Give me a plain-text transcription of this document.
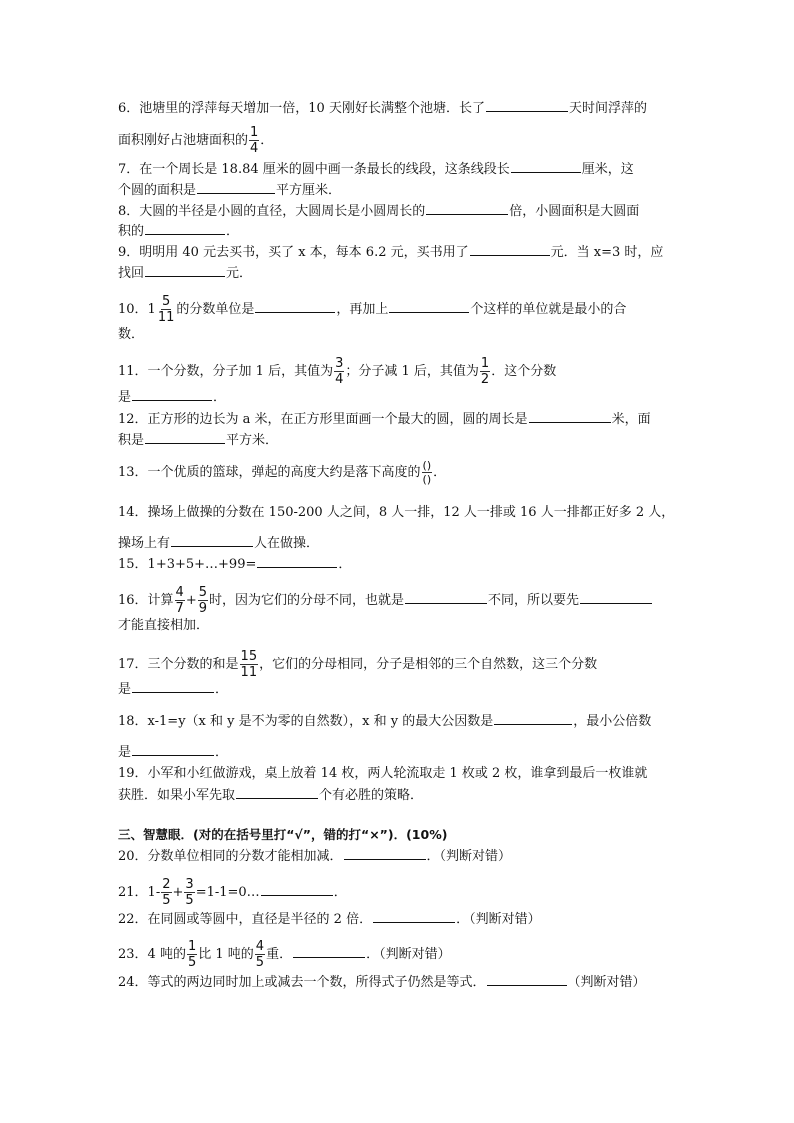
6．池塘里的浮萍每天增加一倍，10 天刚好长满整个池塘．长了	天时间浮萍的
面积刚好占池塘面积的 $\frac{1}{4}$ ．
7．在一个周长是 18.84 厘米的圆中画一条最长的线段，这条线段长	厘米，这
个圆的面积是	平方厘米．
8．大圆的半径是小圆的直径，大圆周长是小圆周长的	倍，小圆面积是大圆面
积的	．
9．明明用 40 元去买书，买了 x 本，每本 6.2 元，买书用了	元．当 x=3 时，应
找回	元．
10．$1 \frac{5}{11}$ 的分数单位是	，再加上	个这样的单位就是最小的合
数．
11．一个分数，分子加 1 后，其值为 $\frac{3}{4}$ ；分子减 1 后，其值为 $\frac{1}{2}$ ．这个分数
是	．
12．正方形的边长为 a 米，在正方形里面画一个最大的圆，圆的周长是	米，面
积是	平方米．
13．一个优质的篮球，弹起的高度大约是落下高度的 $\frac{()}{()}$ ．
14．操场上做操的分数在 150-200 人之间，8 人一排，12 人一排或 16 人一排都正好多 2 人，
操场上有	人在做操．
15．1+3+5+…+99=	．
16．计算 $\frac{4}{7} + \frac{5}{9}$ 时，因为它们的分母不同，也就是	不同，所以要先
才能直接相加．
17．三个分数的和是 $\frac{15}{11}$ ，它们的分母相同，分子是相邻的三个自然数，这三个分数
是	．
18．x-1=y（x 和 y 是不为零的自然数），x 和 y 的最大公因数是	，最小公倍数
是	．
19．小军和小红做游戏，桌上放着 14 枚，两人轮流取走 1 枚或 2 枚，谁拿到最后一枚谁就
获胜．如果小军先取	个有必胜的策略．
三、智慧眼．(对的在括号里打“√”，错的打“×”)．(10%)
20．分数单位相同的分数才能相加减．	．（判断对错）
21．$1- \frac{2}{5} + \frac{3}{5}$ =1-1=0…	．
22．在同圆或等圆中，直径是半径的 2 倍．	．（判断对错）
23．4 吨的 $\frac{1}{5}$ 比 1 吨的 $\frac{4}{5}$ 重．	．（判断对错）
24．等式的两边同时加上或减去一个数，所得式子仍然是等式．	（判断对错）
